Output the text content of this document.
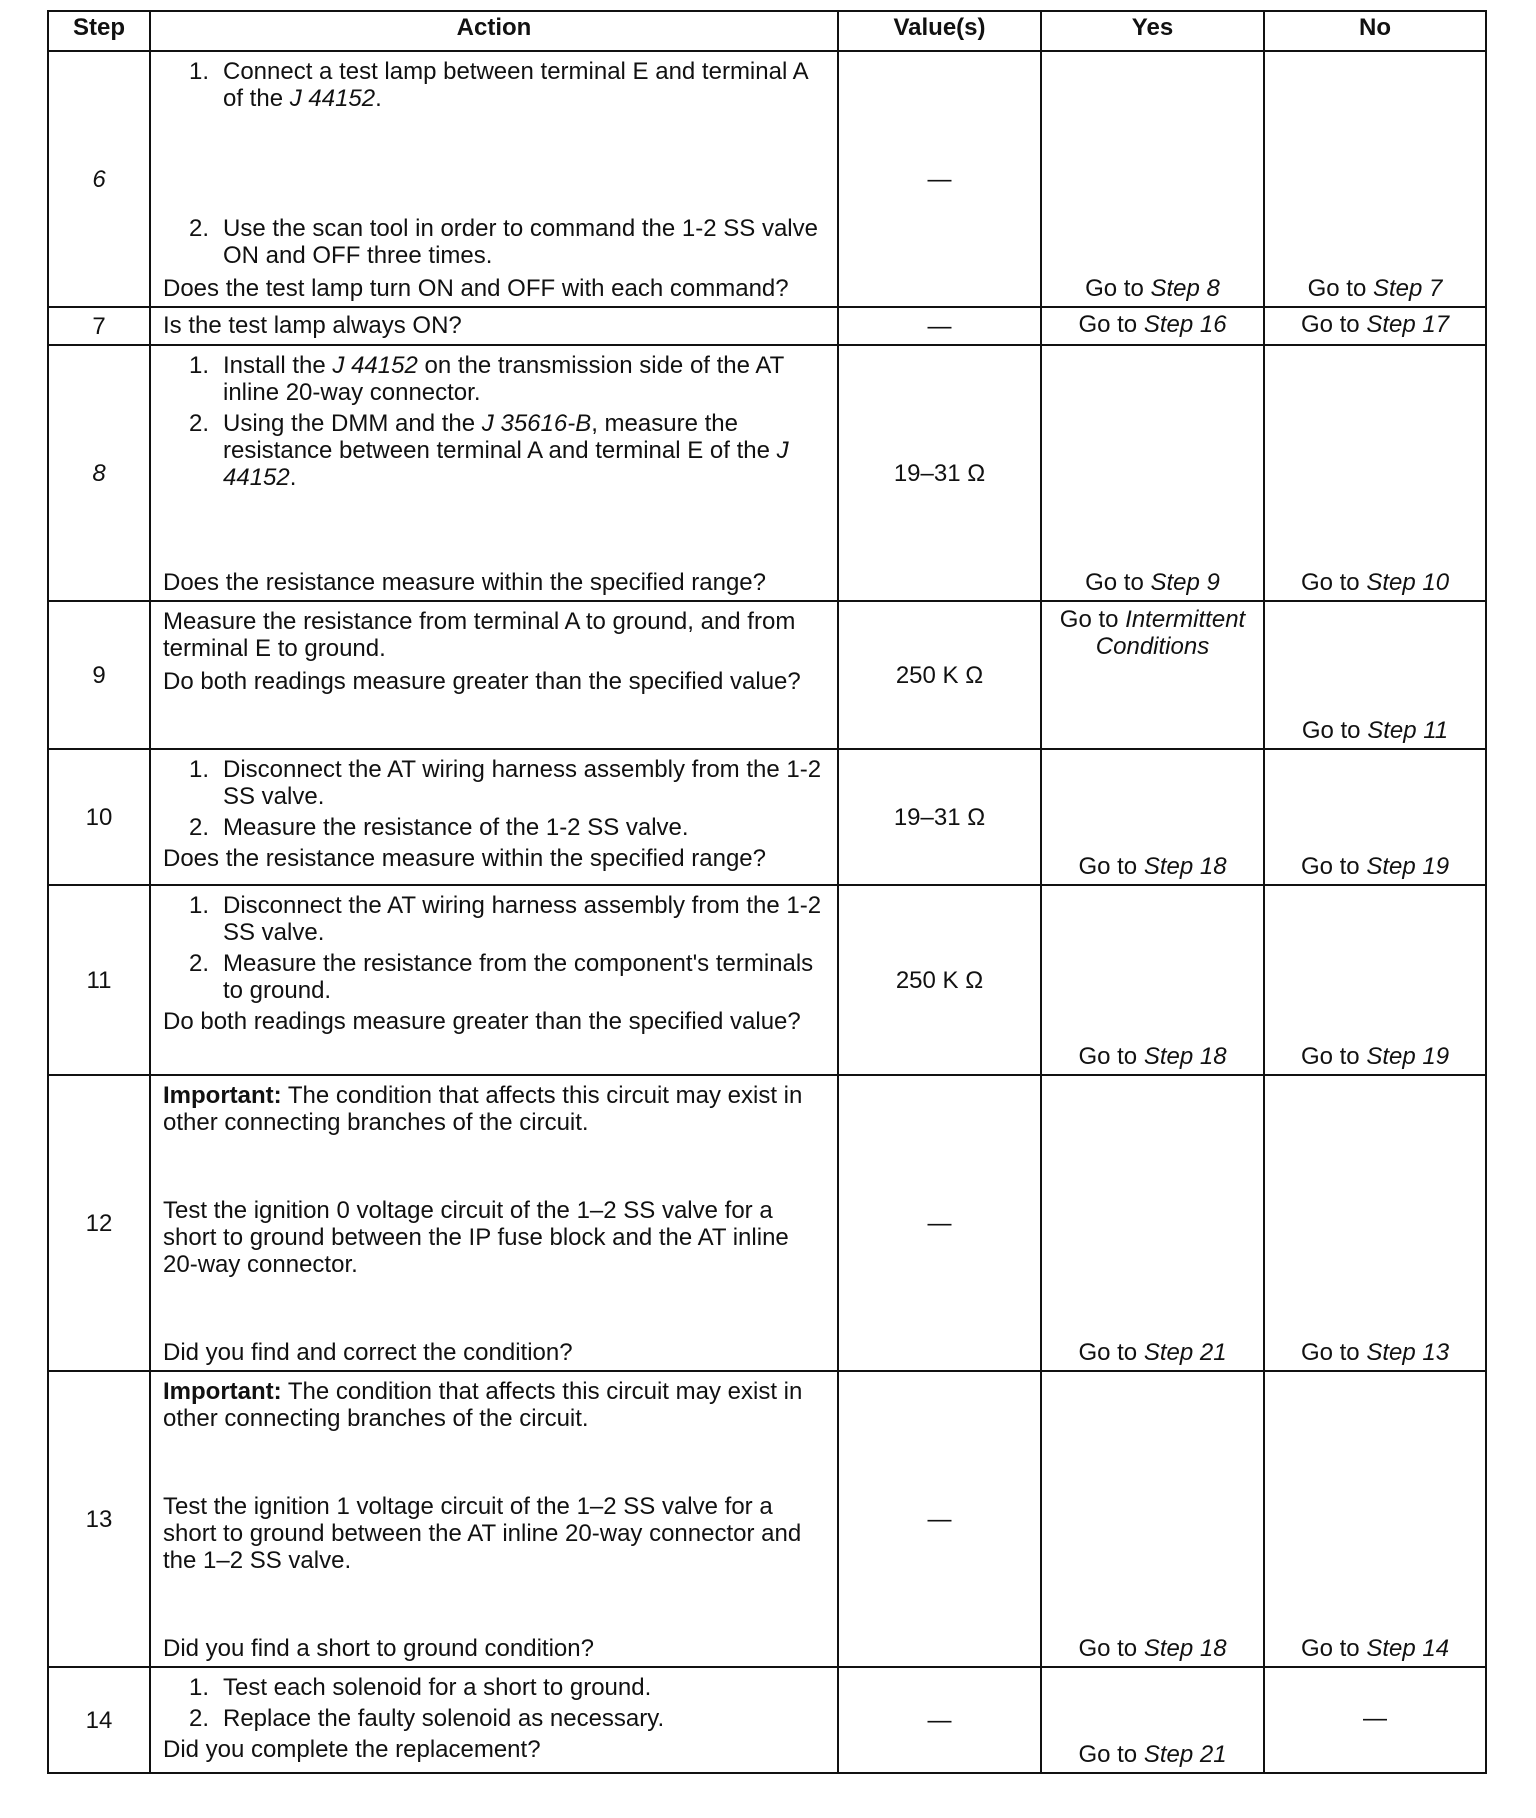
Step	Action	Value(s)	Yes	No
6	1. Connect a test lamp between terminal E and terminal A of the J 44152.
2. Use the scan tool in order to command the 1-2 SS valve ON and OFF three times.
Does the test lamp turn ON and OFF with each command?	—	Go to Step 8	Go to Step 7
7	Is the test lamp always ON?	—	Go to Step 16	Go to Step 17
8	1. Install the J 44152 on the transmission side of the AT inline 20-way connector.
2. Using the DMM and the J 35616-B, measure the resistance between terminal A and terminal E of the J 44152.
Does the resistance measure within the specified range?	19–31 Ω	Go to Step 9	Go to Step 10
9	Measure the resistance from terminal A to ground, and from terminal E to ground.
Do both readings measure greater than the specified value?	250 K Ω	Go to Intermittent Conditions	Go to Step 11
10	1. Disconnect the AT wiring harness assembly from the 1-2 SS valve.
2. Measure the resistance of the 1-2 SS valve.
Does the resistance measure within the specified range?	19–31 Ω	Go to Step 18	Go to Step 19
11	1. Disconnect the AT wiring harness assembly from the 1-2 SS valve.
2. Measure the resistance from the component's terminals to ground.
Do both readings measure greater than the specified value?	250 K Ω	Go to Step 18	Go to Step 19
12	Important: The condition that affects this circuit may exist in other connecting branches of the circuit.
Test the ignition 0 voltage circuit of the 1–2 SS valve for a short to ground between the IP fuse block and the AT inline 20-way connector.
Did you find and correct the condition?	—	Go to Step 21	Go to Step 13
13	Important: The condition that affects this circuit may exist in other connecting branches of the circuit.
Test the ignition 1 voltage circuit of the 1–2 SS valve for a short to ground between the AT inline 20-way connector and the 1–2 SS valve.
Did you find a short to ground condition?	—	Go to Step 18	Go to Step 14
14	1. Test each solenoid for a short to ground.
2. Replace the faulty solenoid as necessary.
Did you complete the replacement?	—	Go to Step 21	—
